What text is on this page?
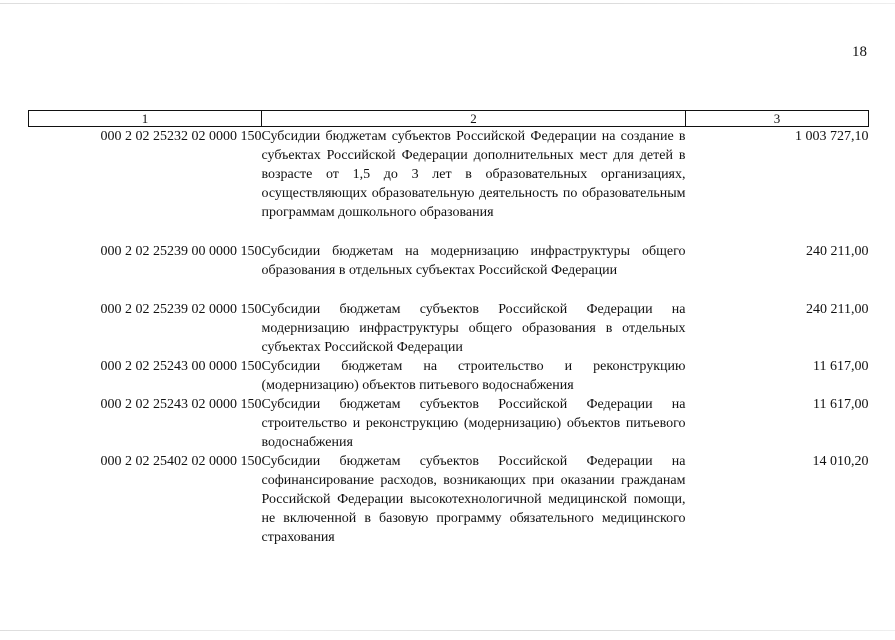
18
1	2	3
000 2 02 25232 02 0000 150	Субсидии бюджетам субъектов Российской Федерации на создание в субъектах Российской Федерации дополнительных мест для детей в возрасте от 1,5 до 3 лет в образовательных организациях, осуществляющих образовательную деятельность по образовательным программам дошкольного образования	1 003 727,10
000 2 02 25239 00 0000 150	Субсидии бюджетам на модернизацию инфраструктуры общего образования в отдельных субъектах Российской Федерации	240 211,00
000 2 02 25239 02 0000 150	Субсидии бюджетам субъектов Российской Федерации на модернизацию инфраструктуры общего образования в отдельных субъектах Российской Федерации	240 211,00
000 2 02 25243 00 0000 150	Субсидии бюджетам на строительство и реконструкцию (модернизацию) объектов питьевого водоснабжения	11 617,00
000 2 02 25243 02 0000 150	Субсидии бюджетам субъектов Российской Федерации на строительство и реконструкцию (модернизацию) объектов питьевого водоснабжения	11 617,00
000 2 02 25402 02 0000 150	Субсидии бюджетам субъектов Российской Федерации на софинансирование расходов, возникающих при оказании гражданам Российской Федерации высокотехнологичной медицинской помощи, не включенной в базовую программу обязательного медицинского страхования	14 010,20
